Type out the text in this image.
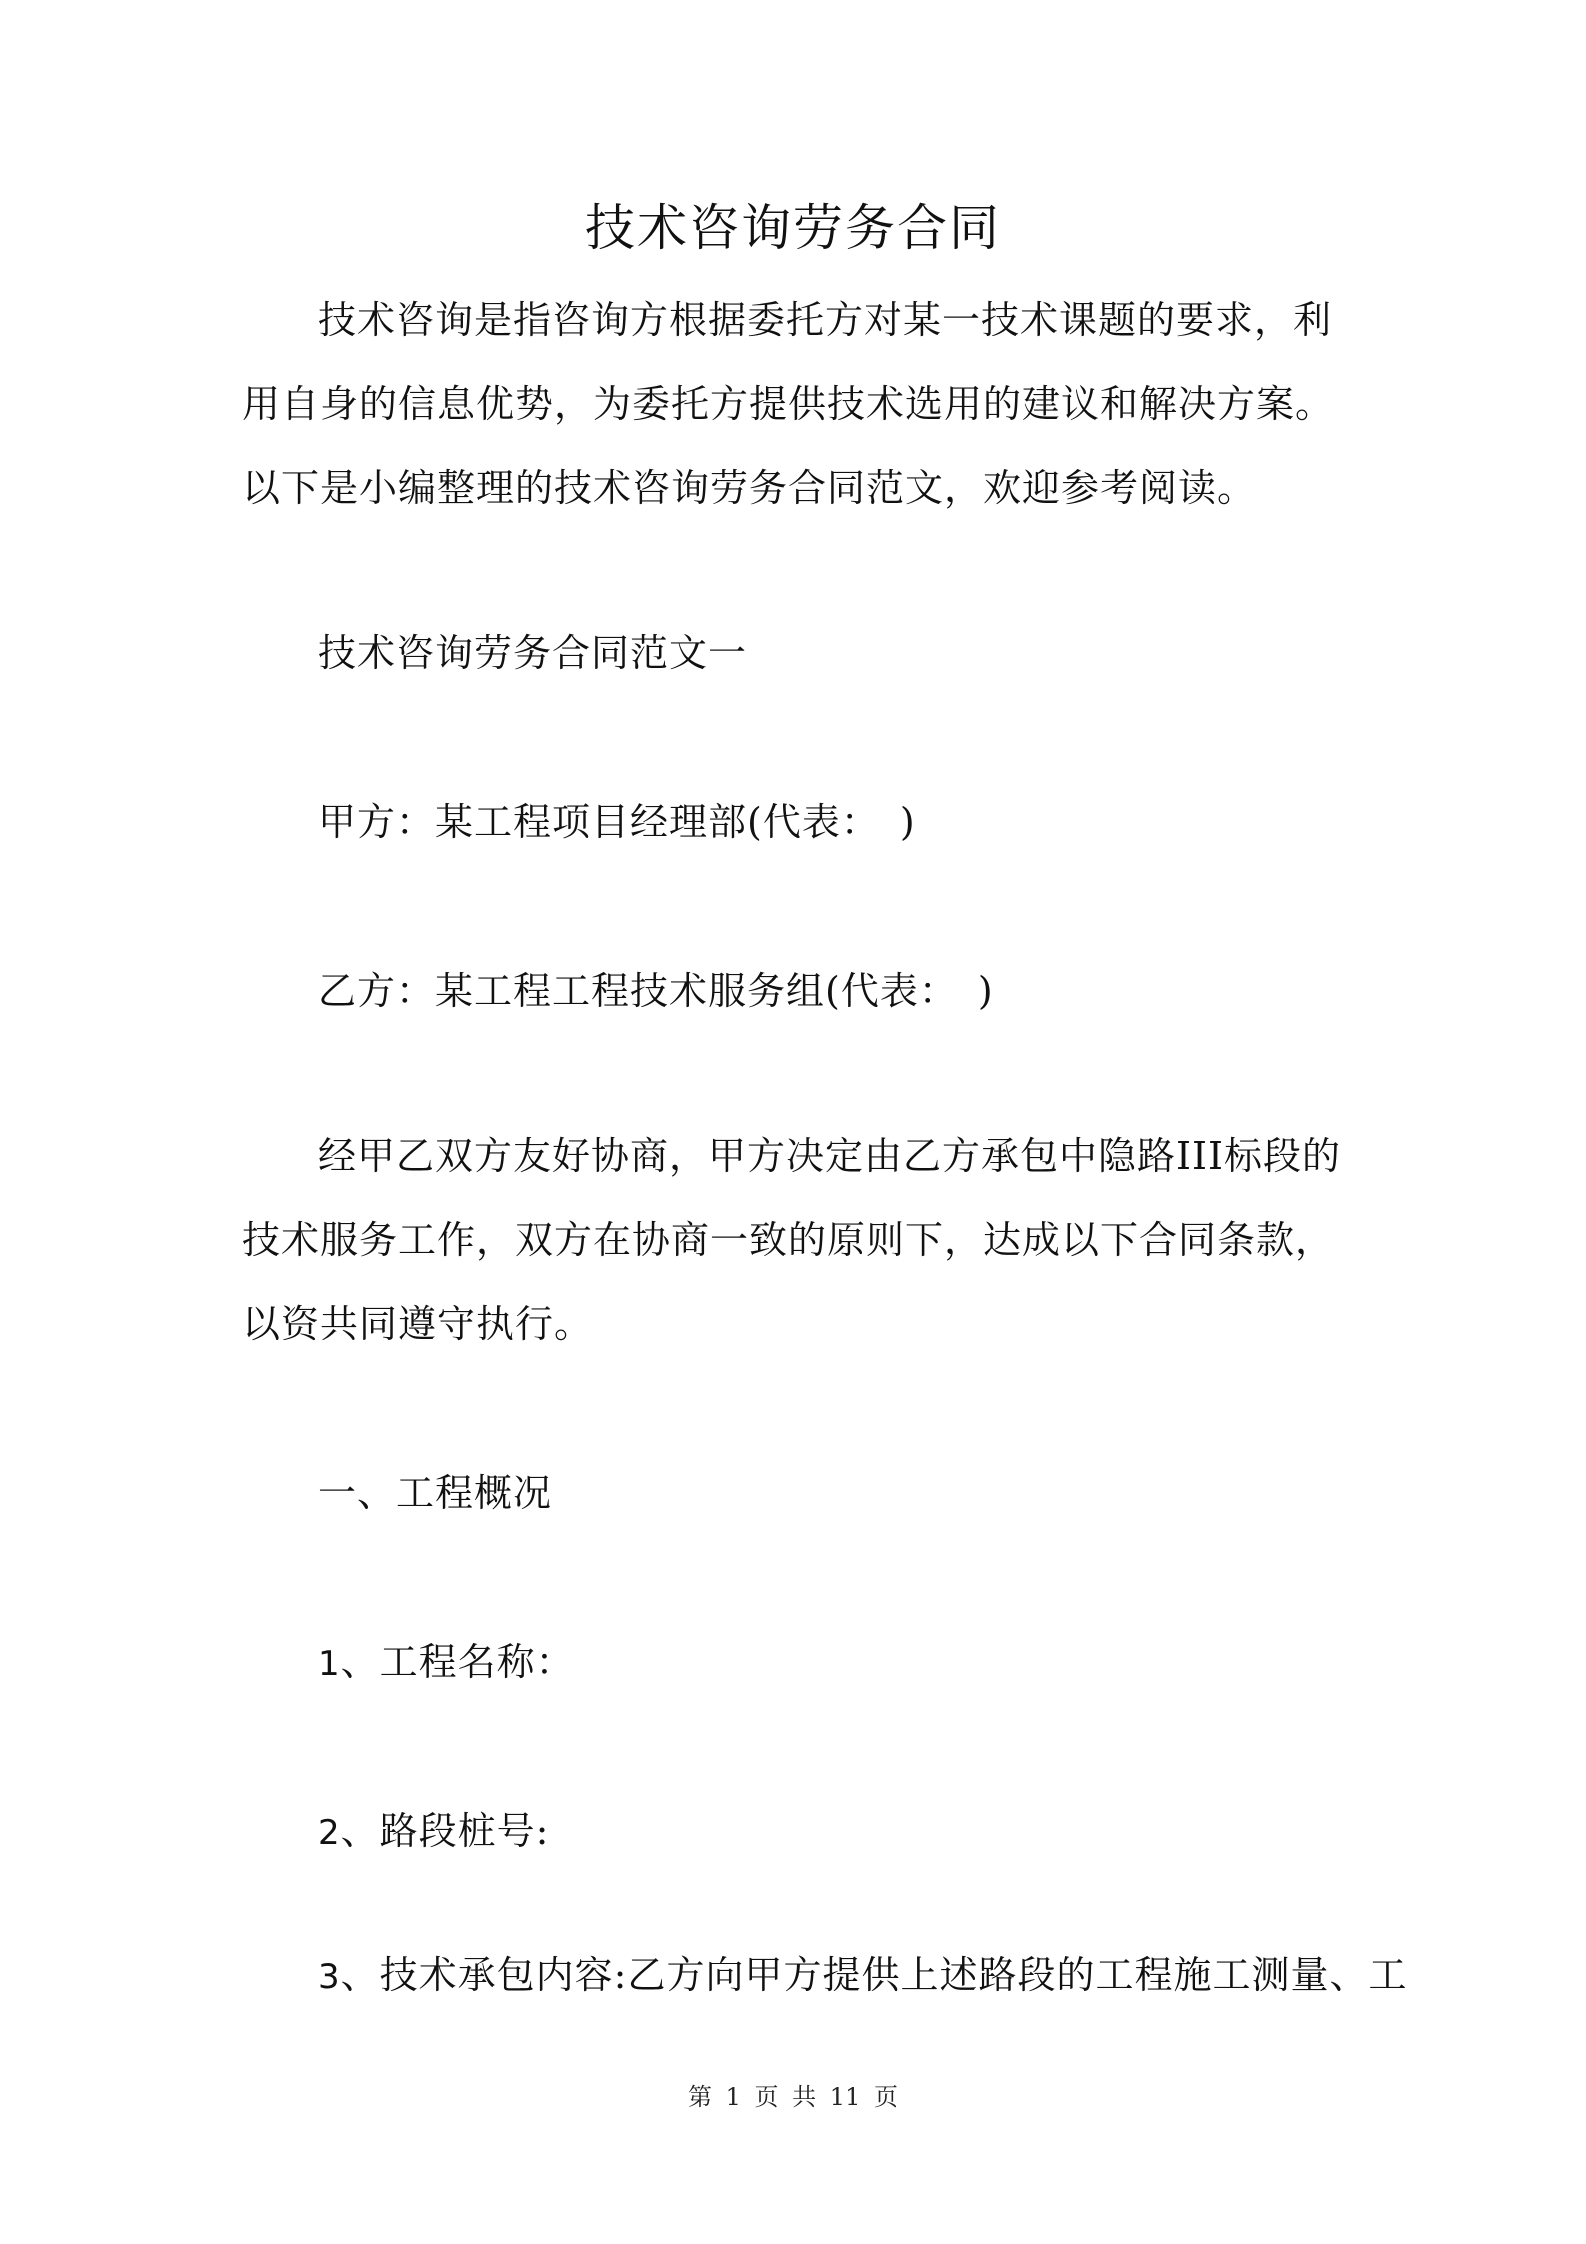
技术咨询劳务合同

技术咨询是指咨询方根据委托方对某一技术课题的要求，利用自身的信息优势，为委托方提供技术选用的建议和解决方案。以下是小编整理的技术咨询劳务合同范文，欢迎参考阅读。

技术咨询劳务合同范文一
甲方：某工程项目经理部(代表：　)
乙方：某工程工程技术服务组(代表：　)

经甲乙双方友好协商，甲方决定由乙方承包中隐路III标段的技术服务工作，双方在协商一致的原则下，达成以下合同条款，以资共同遵守执行。

一、工程概况
1、工程名称：
2、路段桩号:
3、技术承包内容:乙方向甲方提供上述路段的工程施工测量、工
第 1 页 共 11 页
